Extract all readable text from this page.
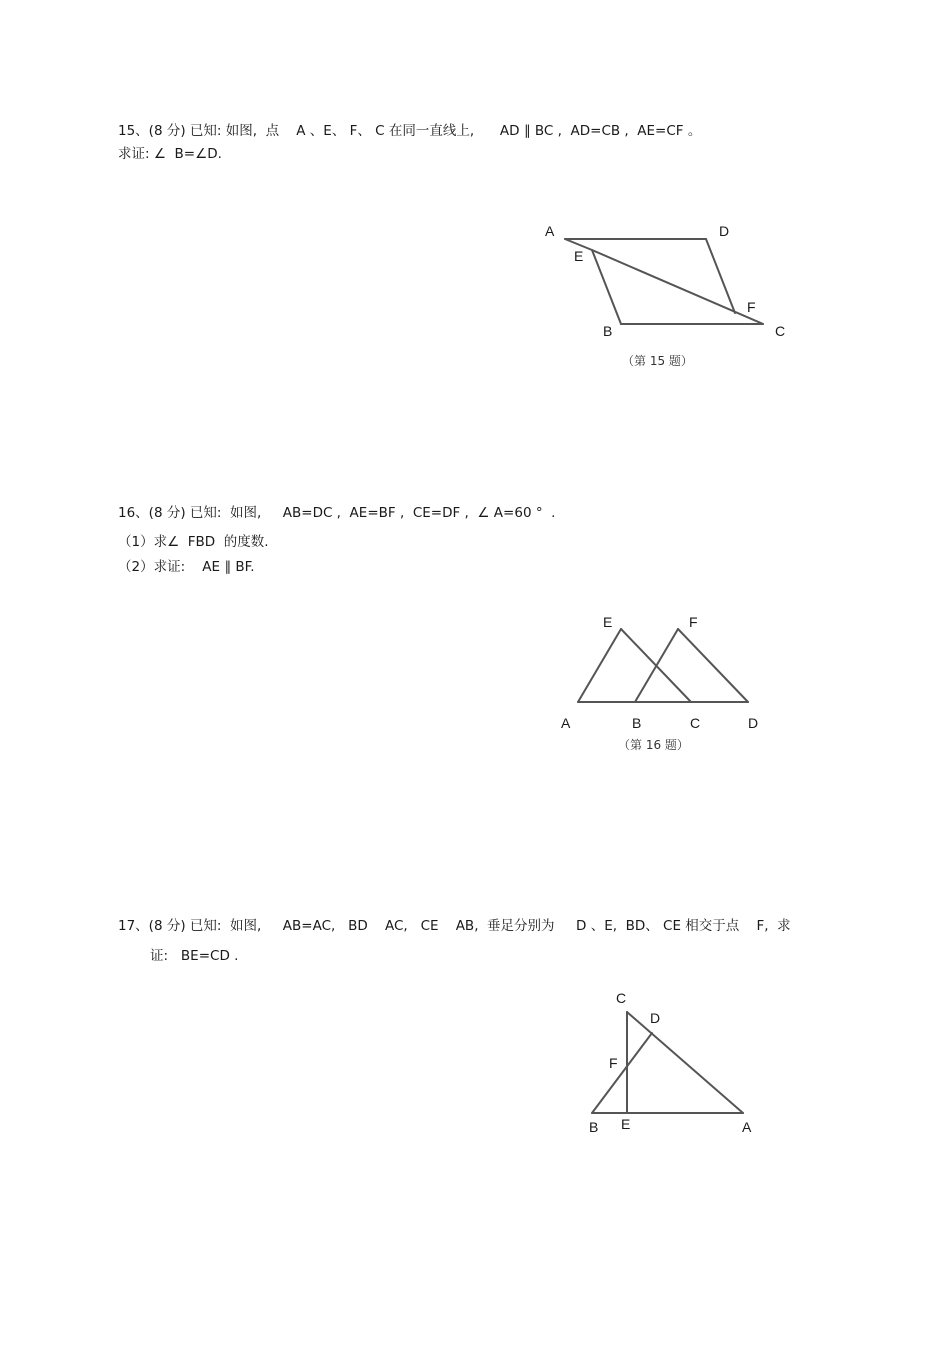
15、(8 分) 已知: 如图,  点    A 、E、 F、 C 在同一直线上,      AD ∥ BC ,  AD=CB ,  AE=CF 。
求证: ∠  B=∠D.
A	D
E
F
B	C
（第 15 题）
16、(8 分) 已知:  如图,     AB=DC ,  AE=BF ,  CE=DF ,  ∠ A=60 °  .
（1）求∠  FBD  的度数.
（2）求证:    AE ∥ BF.
E	F
A	B	C	D
（第 16 题）
17、(8 分) 已知:  如图,     AB=AC,   BD    AC,   CE    AB,  垂足分别为     D 、E,  BD、 CE 相交于点    F,  求
证:   BE=CD .
C
D
F
B E	A
